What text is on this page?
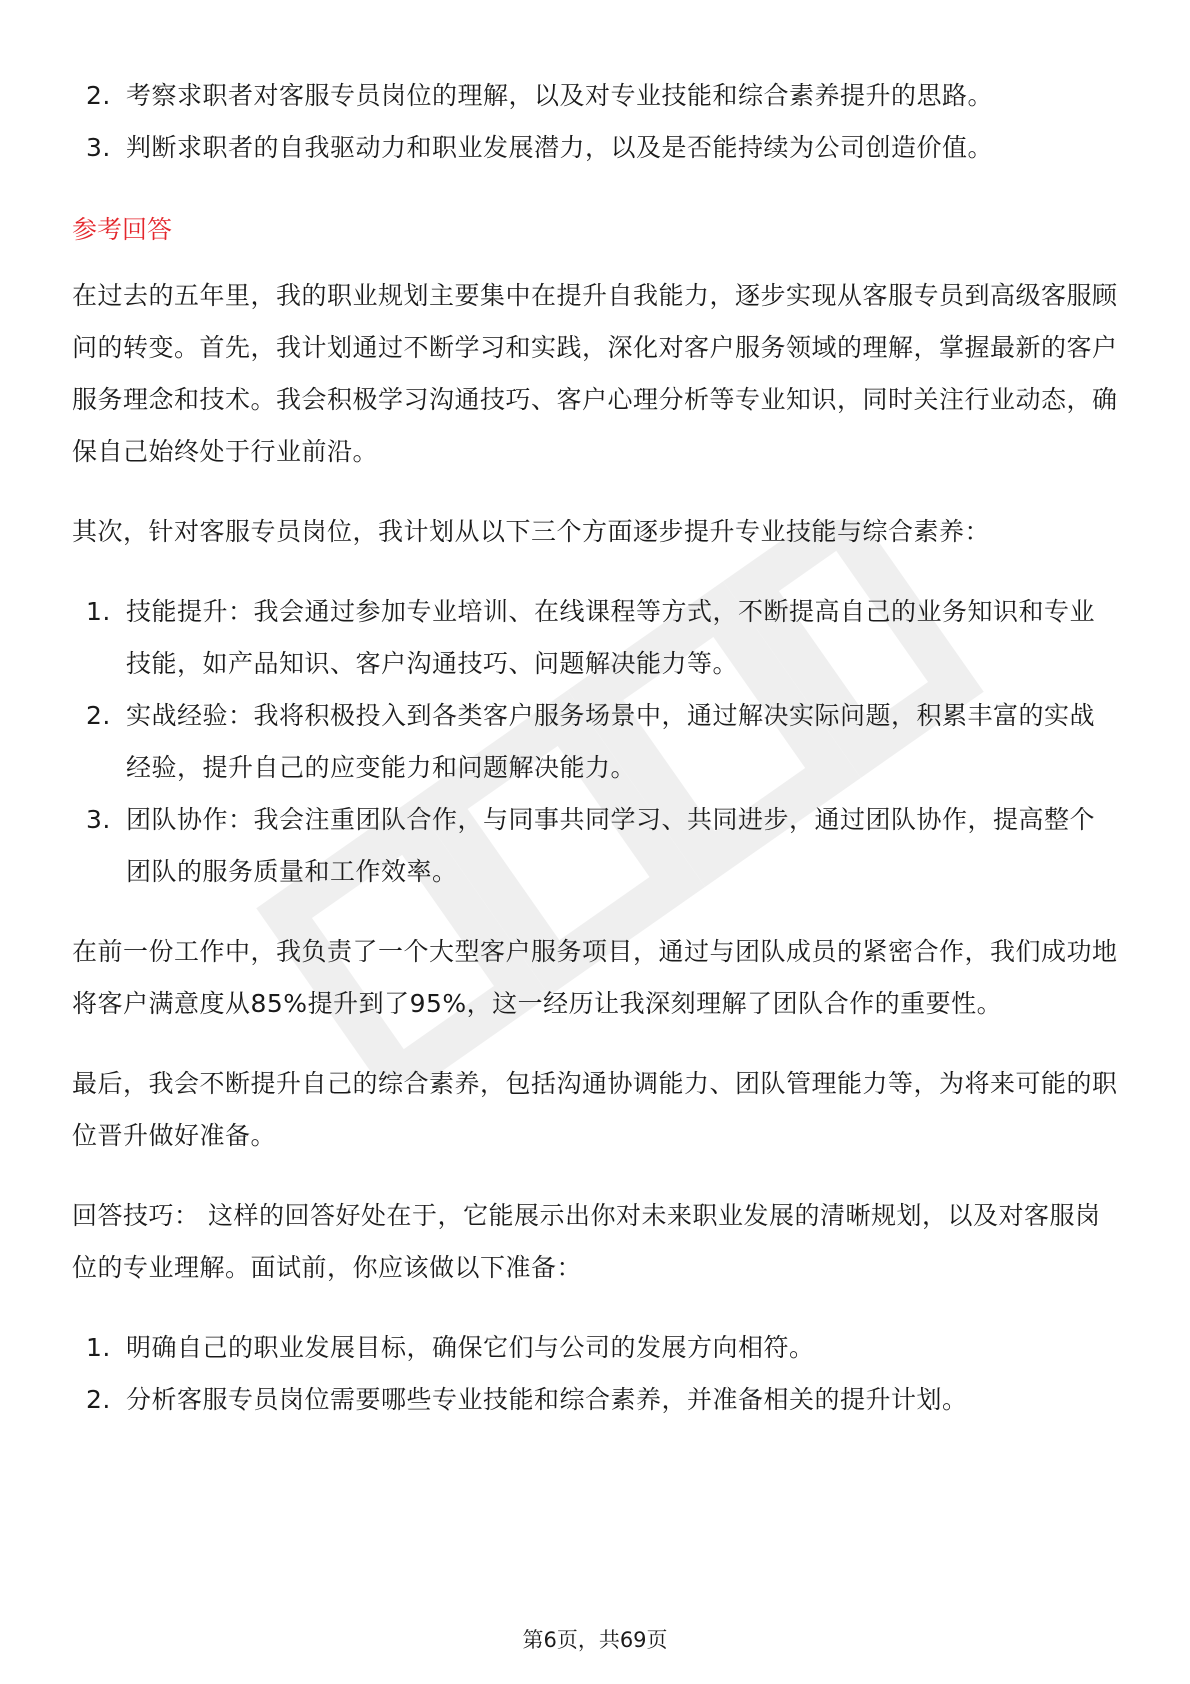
2. 考察求职者对客服专员岗位的理解，以及对专业技能和综合素养提升的思路。
3. 判断求职者的自我驱动力和职业发展潜力，以及是否能持续为公司创造价值。
参考回答

在过去的五年里，我的职业规划主要集中在提升自我能力，逐步实现从客服专员到高级客服顾问的转变。首先，我计划通过不断学习和实践，深化对客户服务领域的理解，掌握最新的客户服务理念和技术。我会积极学习沟通技巧、客户心理分析等专业知识，同时关注行业动态，确保自己始终处于行业前沿。

其次，针对客服专员岗位，我计划从以下三个方面逐步提升专业技能与综合素养：

1. 技能提升：我会通过参加专业培训、在线课程等方式，不断提高自己的业务知识和专业技能，如产品知识、客户沟通技巧、问题解决能力等。
2. 实战经验：我将积极投入到各类客户服务场景中，通过解决实际问题，积累丰富的实战经验，提升自己的应变能力和问题解决能力。
3. 团队协作：我会注重团队合作，与同事共同学习、共同进步，通过团队协作，提高整个团队的服务质量和工作效率。

在前一份工作中，我负责了一个大型客户服务项目，通过与团队成员的紧密合作，我们成功地将客户满意度从85%提升到了95%，这一经历让我深刻理解了团队合作的重要性。

最后，我会不断提升自己的综合素养，包括沟通协调能力、团队管理能力等，为将来可能的职位晋升做好准备。

回答技巧： 这样的回答好处在于，它能展示出你对未来职业发展的清晰规划，以及对客服岗位的专业理解。面试前，你应该做以下准备：

1. 明确自己的职业发展目标，确保它们与公司的发展方向相符。
2. 分析客服专员岗位需要哪些专业技能和综合素养，并准备相关的提升计划。
第6页，共69页
